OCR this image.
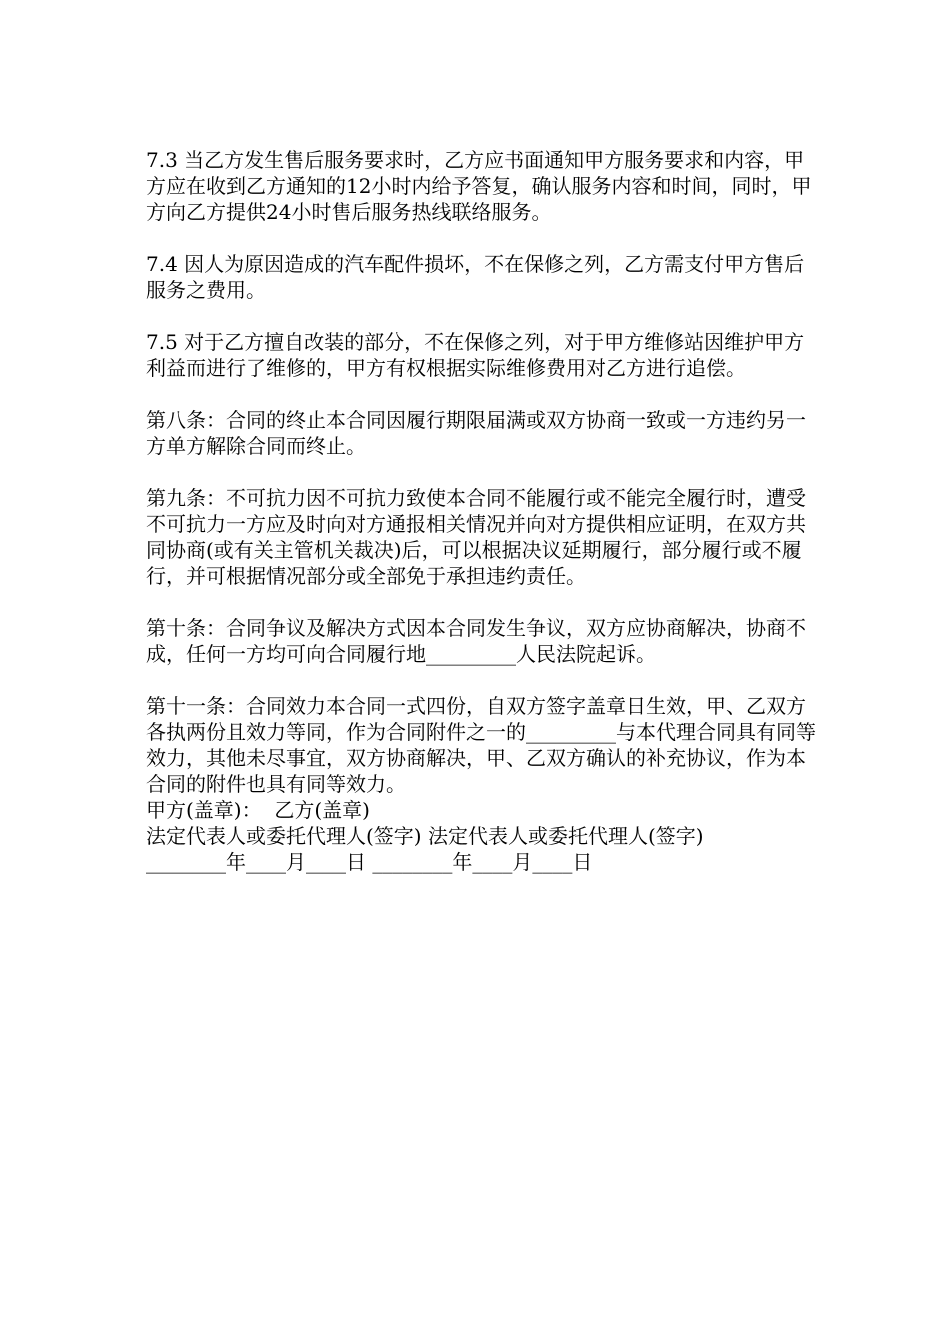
7.3 当乙方发生售后服务要求时，乙方应书面通知甲方服务要求和内容，甲方应在收到乙方通知的12小时内给予答复，确认服务内容和时间，同时，甲方向乙方提供24小时售后服务热线联络服务。

7.4 因人为原因造成的汽车配件损坏，不在保修之列，乙方需支付甲方售后服务之费用。

7.5 对于乙方擅自改装的部分，不在保修之列，对于甲方维修站因维护甲方利益而进行了维修的，甲方有权根据实际维修费用对乙方进行追偿。

第八条：合同的终止本合同因履行期限届满或双方协商一致或一方违约另一方单方解除合同而终止。

第九条：不可抗力因不可抗力致使本合同不能履行或不能完全履行时，遭受不可抗力一方应及时向对方通报相关情况并向对方提供相应证明，在双方共同协商(或有关主管机关裁决)后，可以根据决议延期履行，部分履行或不履行，并可根据情况部分或全部免于承担违约责任。

第十条：合同争议及解决方式因本合同发生争议，双方应协商解决，协商不成，任何一方均可向合同履行地_________人民法院起诉。

第十一条：合同效力本合同一式四份，自双方签字盖章日生效，甲、乙双方各执两份且效力等同，作为合同附件之一的_________与本代理合同具有同等效力，其他未尽事宜，双方协商解决，甲、乙双方确认的补充协议，作为本合同的附件也具有同等效力。

甲方(盖章)：  乙方(盖章)

法定代表人或委托代理人(签字) 法定代表人或委托代理人(签字)

________年____月____日 ________年____月____日
